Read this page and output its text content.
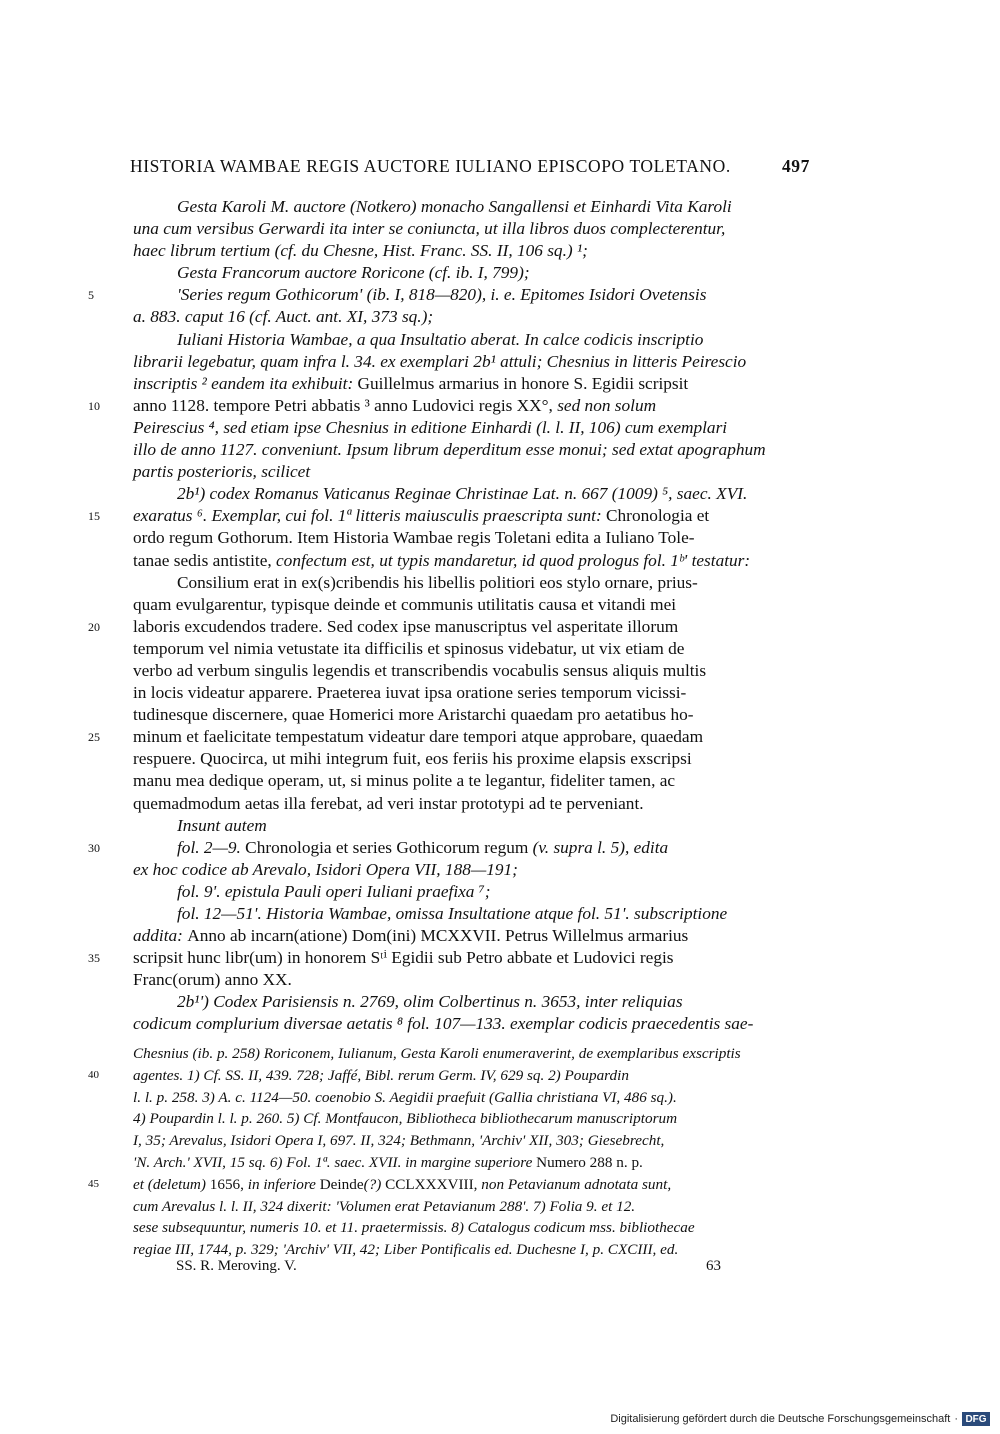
HISTORIA WAMBAE REGIS AUCTORE IULIANO EPISCOPO TOLETANO.	497
Gesta Karoli M. auctore (Notkero) monacho Sangallensi et Einhardi Vita Karoli
una cum versibus Gerwardi ita inter se coniuncta, ut illa libros duos complecterentur,
haec librum tertium (cf. du Chesne, Hist. Franc. SS. II, 106 sq.) ¹;
Gesta Francorum auctore Roricone (cf. ib. I, 799);
5	'Series regum Gothicorum' (ib. I, 818—820), i. e. Epitomes Isidori Ovetensis
a. 883. caput 16 (cf. Auct. ant. XI, 373 sq.);
Iuliani Historia Wambae, a qua Insultatio aberat. In calce codicis inscriptio
librarii legebatur, quam infra l. 34. ex exemplari 2b¹ attuli; Chesnius in litteris Peirescio
inscriptis ² eandem ita exhibuit: Guillelmus armarius in honore S. Egidii scripsit
10 anno 1128. tempore Petri abbatis ³ anno Ludovici regis XX°, sed non solum
Peirescius ⁴, sed etiam ipse Chesnius in editione Einhardi (l. l. II, 106) cum exemplari
illo de anno 1127. conveniunt. Ipsum librum deperditum esse monui; sed extat apographum
partis posterioris, scilicet
2b¹) codex Romanus Vaticanus Reginae Christinae Lat. n. 667 (1009) ⁵, saec. XVI.
15 exaratus ⁶. Exemplar, cui fol. 1ª litteris maiusculis praescripta sunt: Chronologia et
ordo regum Gothorum. Item Historia Wambae regis Toletani edita a Iuliano Tole-
tanae sedis antistite, confectum est, ut typis mandaretur, id quod prologus fol. 1ᵇ' testatur:
Consilium erat in ex(s)cribendis his libellis politiori eos stylo ornare, prius-
quam evulgarentur, typisque deinde et communis utilitatis causa et vitandi mei
20 laboris excudendos tradere. Sed codex ipse manuscriptus vel asperitate illorum
temporum vel nimia vetustate ita difficilis et spinosus videbatur, ut vix etiam de
verbo ad verbum singulis legendis et transcribendis vocabulis sensus aliquis multis
in locis videatur apparere. Praeterea iuvat ipsa oratione series temporum vicissi-
tudinesque discernere, quae Homerici more Aristarchi quaedam pro aetatibus ho-
25 minum et faelicitate tempestatum videatur dare tempori atque approbare, quaedam
respuere. Quocirca, ut mihi integrum fuit, eos feriis his proxime elapsis exscripsi
manu mea dedique operam, ut, si minus polite a te legantur, fideliter tamen, ac
quemadmodum aetas illa ferebat, ad veri instar prototypi ad te perveniant.
Insunt autem
30	fol. 2—9. Chronologia et series Gothicorum regum (v. supra l. 5), edita
ex hoc codice ab Arevalo, Isidori Opera VII, 188—191;
fol. 9'. epistula Pauli operi Iuliani praefixa ⁷;
fol. 12—51'. Historia Wambae, omissa Insultatione atque fol. 51'. subscriptione
addita: Anno ab incarn(atione) Dom(ini) MCXXVII. Petrus Willelmus armarius
35 scripsit hunc libr(um) in honorem Sᵗⁱ Egidii sub Petro abbate et Ludovici regis
Franc(orum) anno XX.
2b¹') Codex Parisiensis n. 2769, olim Colbertinus n. 3653, inter reliquias
codicum complurium diversae aetatis ⁸ fol. 107—133. exemplar codicis praecedentis sae-
Chesnius (ib. p. 258) Roriconem, Iulianum, Gesta Karoli enumeraverint, de exemplaribus exscriptis
40 agentes. 1) Cf. SS. II, 439. 728; Jaffé, Bibl. rerum Germ. IV, 629 sq. 2) Poupardin
l. l. p. 258. 3) A. c. 1124—50. coenobio S. Aegidii praefuit (Gallia christiana VI, 486 sq.).
4) Poupardin l. l. p. 260. 5) Cf. Montfaucon, Bibliotheca bibliothecarum manuscriptorum
I, 35; Arevalus, Isidori Opera I, 697. II, 324; Bethmann, 'Archiv' XII, 303; Giesebrecht,
'N. Arch.' XVII, 15 sq. 6) Fol. 1ª. saec. XVII. in margine superiore Numero 288 n. p.
45 et (deletum) 1656, in inferiore Deinde(?) CCLXXXVIII, non Petavianum adnotata sunt,
cum Arevalus l. l. II, 324 dixerit: 'Volumen erat Petavianum 288'. 7) Folia 9. et 12.
sese subsequuntur, numeris 10. et 11. praetermissis. 8) Catalogus codicum mss. bibliothecae
regiae III, 1744, p. 329; 'Archiv' VII, 42; Liber Pontificalis ed. Duchesne I, p. CXCIII, ed.
SS. R. Meroving. V.	63
Digitalisierung gefördert durch die Deutsche Forschungsgemeinschaft · DFG
